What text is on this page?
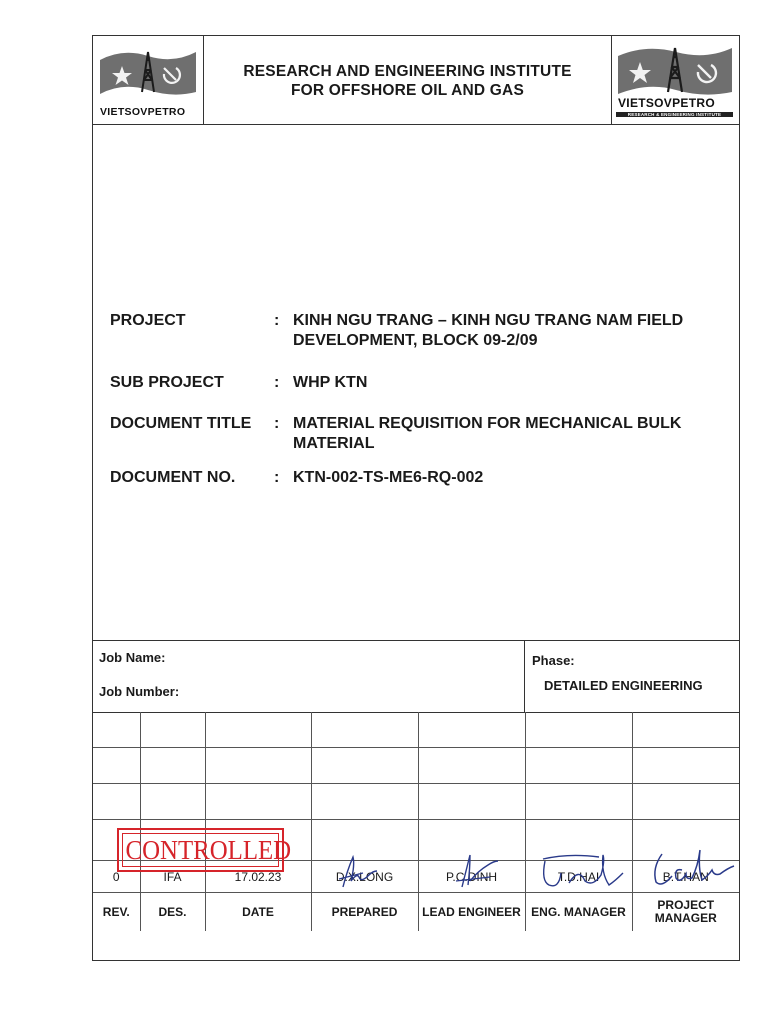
VIETSOVPETRO
RESEARCH AND ENGINEERING INSTITUTE
FOR OFFSHORE OIL AND GAS
VIETSOVPETRO
RESEARCH & ENGINEERING INSTITUTE
PROJECT	: KINH NGU TRANG – KINH NGU TRANG NAM FIELD DEVELOPMENT, BLOCK 09-2/09
SUB PROJECT	: WHP KTN
DOCUMENT TITLE : MATERIAL REQUISITION FOR MECHANICAL BULK MATERIAL
DOCUMENT NO. : KTN-002-TS-ME6-RQ-002
Job Name:
Job Number:
Phase:
DETAILED ENGINEERING

0	IFA	17.02.23	D.X.LONG	P.C.DINH	T.D.HAI	B.T.HAN
REV.	DES.	DATE	PREPARED	LEAD ENGINEER	ENG. MANAGER	PROJECT MANAGER
CONTROLLED
